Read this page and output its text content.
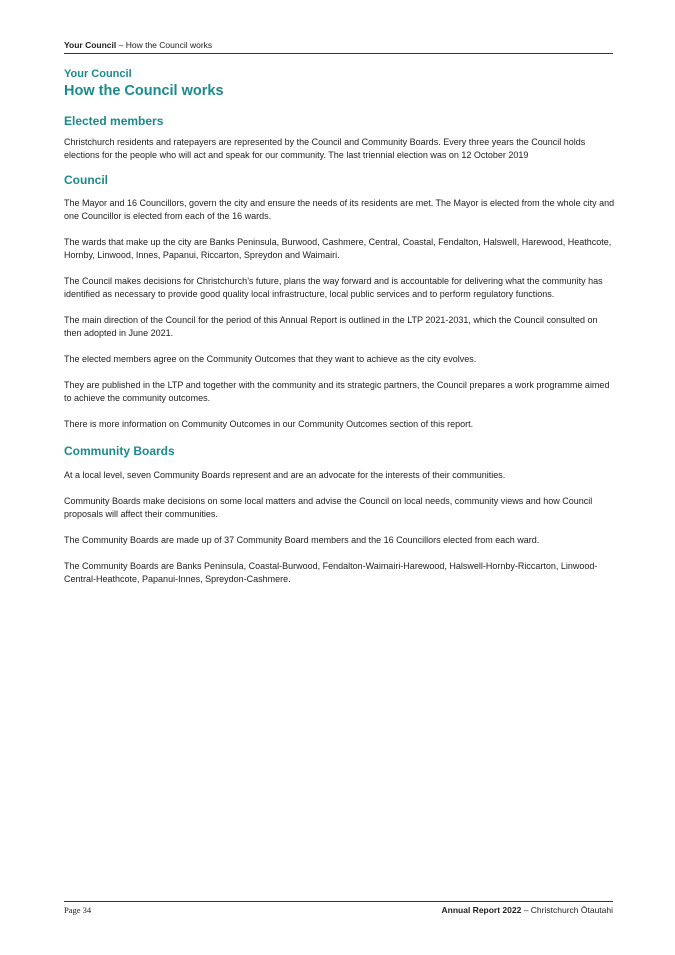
Your Council – How the Council works

Your Council

How the Council works
Elected members

Christchurch residents and ratepayers are represented by the Council and Community Boards. Every three years the Council holds elections for the people who will act and speak for our community. The last triennial election was on 12 October 2019

Council

The Mayor and 16 Councillors, govern the city and ensure the needs of its residents are met. The Mayor is elected from the whole city and one Councillor is elected from each of the 16 wards.

The wards that make up the city are Banks Peninsula, Burwood, Cashmere, Central, Coastal, Fendalton, Halswell, Harewood, Heathcote, Hornby, Linwood, Innes, Papanui, Riccarton, Spreydon and Waimairi.

The Council makes decisions for Christchurch’s future, plans the way forward and is accountable for delivering what the community has identified as necessary to provide good quality local infrastructure, local public services and to perform regulatory functions.

The main direction of the Council for the period of this Annual Report is outlined in the LTP 2021-2031, which the Council consulted on then adopted in June 2021.

The elected members agree on the Community Outcomes that they want to achieve as the city evolves.

They are published in the LTP and together with the community and its strategic partners, the Council prepares a work programme aimed to achieve the community outcomes.

There is more information on Community Outcomes in our Community Outcomes section of this report.

Community Boards

At a local level, seven Community Boards represent and are an advocate for the interests of their communities.

Community Boards make decisions on some local matters and advise the Council on local needs, community views and how Council proposals will affect their communities.

The Community Boards are made up of 37 Community Board members and the 16 Councillors elected from each ward.

The Community Boards are Banks Peninsula, Coastal-Burwood, Fendalton-Waimairi-Harewood, Halswell-Hornby-Riccarton, Linwood-Central-Heathcote, Papanui-Innes, Spreydon-Cashmere.

Page 34	Annual Report 2022 – Christchurch Ōtautahi
